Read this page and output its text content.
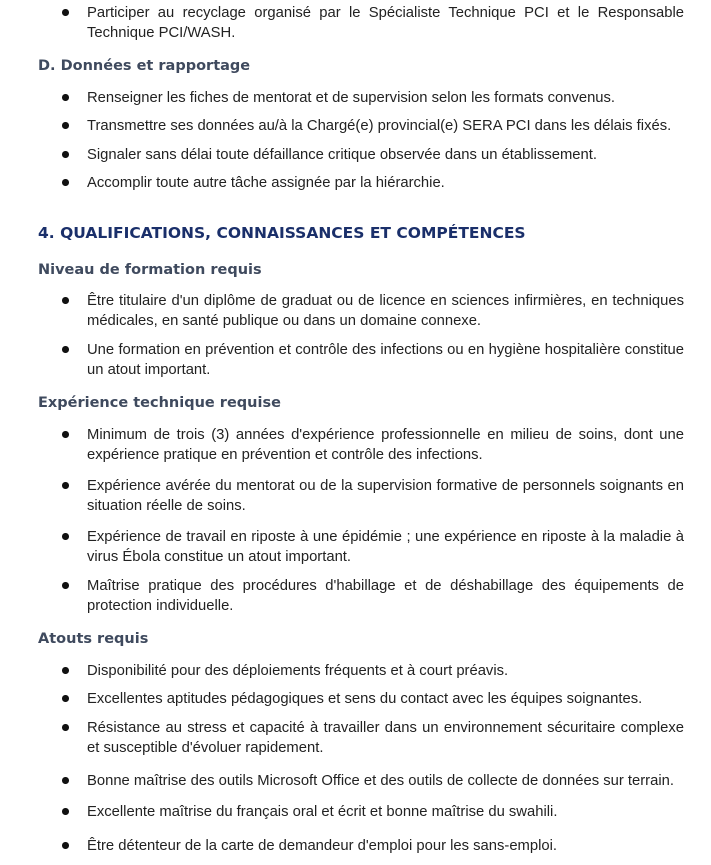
Participer au recyclage organisé par le Spécialiste Technique PCI et le Responsable Technique PCI/WASH.
D. Données et rapportage
Renseigner les fiches de mentorat et de supervision selon les formats convenus.
Transmettre ses données au/à la Chargé(e) provincial(e) SERA PCI dans les délais fixés.
Signaler sans délai toute défaillance critique observée dans un établissement.
Accomplir toute autre tâche assignée par la hiérarchie.
4. QUALIFICATIONS, CONNAISSANCES ET COMPÉTENCES
Niveau de formation requis
Être titulaire d'un diplôme de graduat ou de licence en sciences infirmières, en techniques médicales, en santé publique ou dans un domaine connexe.
Une formation en prévention et contrôle des infections ou en hygiène hospitalière constitue un atout important.
Expérience technique requise
Minimum de trois (3) années d'expérience professionnelle en milieu de soins, dont une expérience pratique en prévention et contrôle des infections.
Expérience avérée du mentorat ou de la supervision formative de personnels soignants en situation réelle de soins.
Expérience de travail en riposte à une épidémie ; une expérience en riposte à la maladie à virus Ébola constitue un atout important.
Maîtrise pratique des procédures d'habillage et de déshabillage des équipements de protection individuelle.
Atouts requis
Disponibilité pour des déploiements fréquents et à court préavis.
Excellentes aptitudes pédagogiques et sens du contact avec les équipes soignantes.
Résistance au stress et capacité à travailler dans un environnement sécuritaire complexe et susceptible d'évoluer rapidement.
Bonne maîtrise des outils Microsoft Office et des outils de collecte de données sur terrain.
Excellente maîtrise du français oral et écrit et bonne maîtrise du swahili.
Être détenteur de la carte de demandeur d'emploi pour les sans-emploi.
